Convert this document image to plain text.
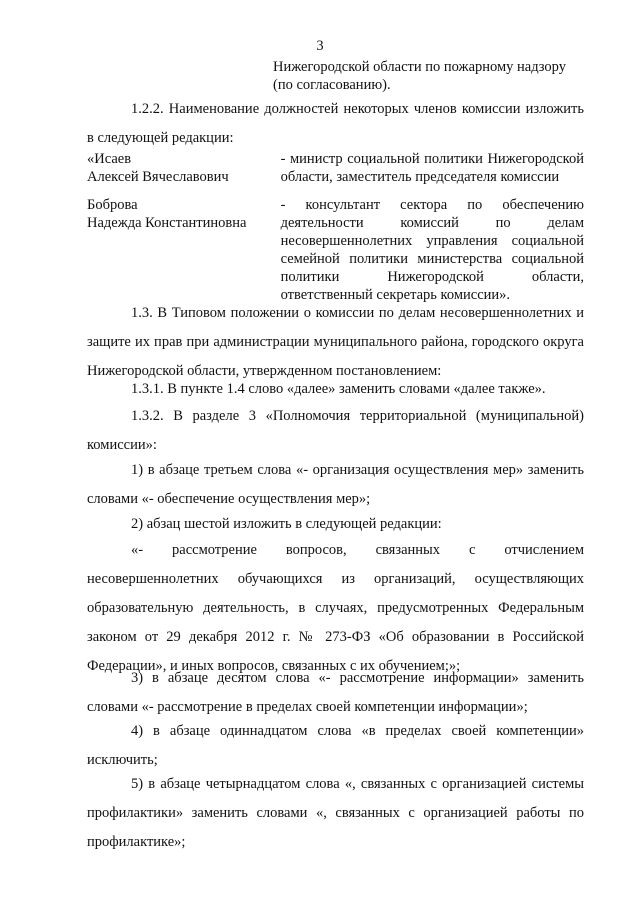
3
Нижегородской области по пожарному надзору
(по согласованию).

1.2.2. Наименование должностей некоторых членов комиссии изложить в следующей редакции:

«Исаев
Алексей Вячеславович
- министр социальной политики Нижегородской области, заместитель председателя комиссии
Боброва
Надежда Константиновна
- консультант сектора по обеспечению деятельности комиссий по делам несовершеннолетних управления социальной семейной политики министерства социальной политики Нижегородской области, ответственный секретарь комиссии».

1.3. В Типовом положении о комиссии по делам несовершеннолетних и защите их прав при администрации муниципального района, городского округа Нижегородской области, утвержденном постановлением:

1.3.1. В пункте 1.4 слово «далее» заменить словами «далее также».

1.3.2. В разделе 3 «Полномочия территориальной (муниципальной) комиссии»:

1) в абзаце третьем слова «- организация осуществления мер» заменить словами «- обеспечение осуществления мер»;

2) абзац шестой изложить в следующей редакции:

«- рассмотрение вопросов, связанных с отчислением несовершеннолетних обучающихся из организаций, осуществляющих образовательную деятельность, в случаях, предусмотренных Федеральным законом от 29 декабря 2012 г. № 273-ФЗ «Об образовании в Российской Федерации», и иных вопросов, связанных с их обучением;»;

3) в абзаце десятом слова «- рассмотрение информации» заменить словами «- рассмотрение в пределах своей компетенции информации»;

4) в абзаце одиннадцатом слова «в пределах своей компетенции» исключить;

5) в абзаце четырнадцатом слова «, связанных с организацией системы профилактики» заменить словами «, связанных с организацией работы по профилактике»;
